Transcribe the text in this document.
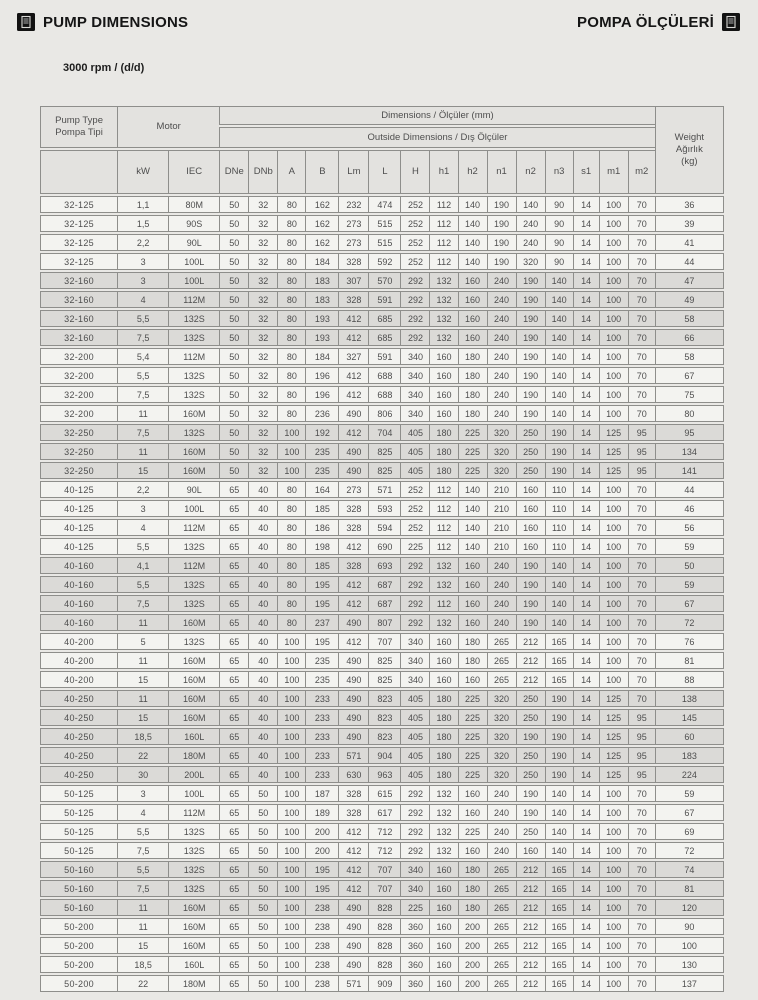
PUMP DIMENSIONS	POMPA ÖLÇÜLERİ
3000 rpm / (d/d)
Pump Type
Pompa Tipi
	Motor	Dimensions / Ölçüler (mm)	
Weight
Ağırlık
(kg)

			Outside Dimensions / Dış Ölçüler															
	kW	IEC	DNe	DNb	A	B	Lm	L	H	h1	h2	n1	n2	n3	s1	m1	m2	
32-125	1,1	80M	50	32	80	162	232	474	252	112	140	190	140	90	14	100	70	36
32-125	1,5	90S	50	32	80	162	273	515	252	112	140	190	240	90	14	100	70	39
32-125	2,2	90L	50	32	80	162	273	515	252	112	140	190	240	90	14	100	70	41
32-125	3	100L	50	32	80	184	328	592	252	112	140	190	320	90	14	100	70	44
32-160	3	100L	50	32	80	183	307	570	292	132	160	240	190	140	14	100	70	47
32-160	4	112M	50	32	80	183	328	591	292	132	160	240	190	140	14	100	70	49
32-160	5,5	132S	50	32	80	193	412	685	292	132	160	240	190	140	14	100	70	58
32-160	7,5	132S	50	32	80	193	412	685	292	132	160	240	190	140	14	100	70	66
32-200	5,4	112M	50	32	80	184	327	591	340	160	180	240	190	140	14	100	70	58
32-200	5,5	132S	50	32	80	196	412	688	340	160	180	240	190	140	14	100	70	67
32-200	7,5	132S	50	32	80	196	412	688	340	160	180	240	190	140	14	100	70	75
32-200	11	160M	50	32	80	236	490	806	340	160	180	240	190	140	14	100	70	80
32-250	7,5	132S	50	32	100	192	412	704	405	180	225	320	250	190	14	125	95	95
32-250	11	160M	50	32	100	235	490	825	405	180	225	320	250	190	14	125	95	134
32-250	15	160M	50	32	100	235	490	825	405	180	225	320	250	190	14	125	95	141
40-125	2,2	90L	65	40	80	164	273	571	252	112	140	210	160	110	14	100	70	44
40-125	3	100L	65	40	80	185	328	593	252	112	140	210	160	110	14	100	70	46
40-125	4	112M	65	40	80	186	328	594	252	112	140	210	160	110	14	100	70	56
40-125	5,5	132S	65	40	80	198	412	690	225	112	140	210	160	110	14	100	70	59
40-160	4,1	112M	65	40	80	185	328	693	292	132	160	240	190	140	14	100	70	50
40-160	5,5	132S	65	40	80	195	412	687	292	132	160	240	190	140	14	100	70	59
40-160	7,5	132S	65	40	80	195	412	687	292	112	160	240	190	140	14	100	70	67
40-160	11	160M	65	40	80	237	490	807	292	132	160	240	190	140	14	100	70	72
40-200	5	132S	65	40	100	195	412	707	340	160	180	265	212	165	14	100	70	76
40-200	11	160M	65	40	100	235	490	825	340	160	180	265	212	165	14	100	70	81
40-200	15	160M	65	40	100	235	490	825	340	160	160	265	212	165	14	100	70	88
40-250	11	160M	65	40	100	233	490	823	405	180	225	320	250	190	14	125	70	138
40-250	15	160M	65	40	100	233	490	823	405	180	225	320	250	190	14	125	95	145
40-250	18,5	160L	65	40	100	233	490	823	405	180	225	320	190	190	14	125	95	60
40-250	22	180M	65	40	100	233	571	904	405	180	225	320	250	190	14	125	95	183
40-250	30	200L	65	40	100	233	630	963	405	180	225	320	250	190	14	125	95	224
50-125	3	100L	65	50	100	187	328	615	292	132	160	240	190	140	14	100	70	59
50-125	4	112M	65	50	100	189	328	617	292	132	160	240	190	140	14	100	70	67
50-125	5,5	132S	65	50	100	200	412	712	292	132	225	240	250	140	14	100	70	69
50-125	7,5	132S	65	50	100	200	412	712	292	132	160	240	160	140	14	100	70	72
50-160	5,5	132S	65	50	100	195	412	707	340	160	180	265	212	165	14	100	70	74
50-160	7,5	132S	65	50	100	195	412	707	340	160	180	265	212	165	14	100	70	81
50-160	11	160M	65	50	100	238	490	828	225	160	180	265	212	165	14	100	70	120
50-200	11	160M	65	50	100	238	490	828	360	160	200	265	212	165	14	100	70	90
50-200	15	160M	65	50	100	238	490	828	360	160	200	265	212	165	14	100	70	100
50-200	18,5	160L	65	50	100	238	490	828	360	160	200	265	212	165	14	100	70	130
50-200	22	180M	65	50	100	238	571	909	360	160	200	265	212	165	14	100	70	137
